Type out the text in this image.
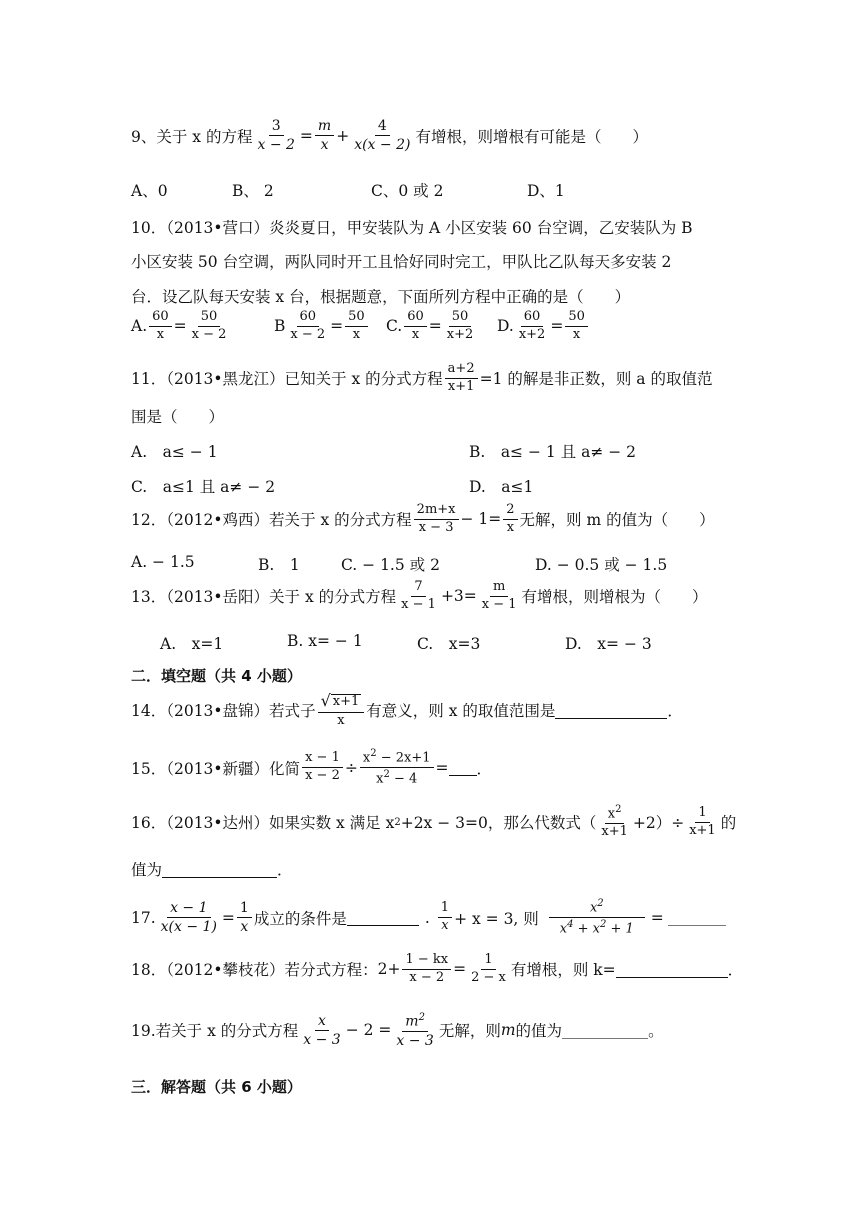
9、关于 x 的方程 $\frac{3}{x - 2} = \frac{m}{x} + \frac{4}{x(x - 2)}$ 有增根，则增根有可能是（　　）
A、0	B、 2	C、0 或 2	D、1
10．（2013•营口）炎炎夏日，甲安装队为 A 小区安装 60 台空调，乙安装队为 B
小区安装 50 台空调，两队同时开工且恰好同时完工，甲队比乙队每天多安装 2
台．设乙队每天安装 x 台，根据题意，下面所列方程中正确的是（　　）
A. $\frac{60}{x} = \frac{50}{x - 2}$	B $\frac{60}{x - 2} = \frac{50}{x} C$. $\frac{60}{x} = \frac{50}{x+2} D$. $\frac{60}{x+2} = \frac{50}{x}$
11．（2013•黑龙江）已知关于 x 的分式方程 $\frac{a+2}{x+1} =1$ 的解是非正数，则 a 的取值范
围是（　　）
A.　a≤ − 1	B.　a≤ − 1 且 a≠ − 2
C.　a≤1 且 a≠ − 2	D.　a≤1
12．（2012•鸡西）若关于 x 的分式方程 $\frac{2m+x}{x - 3} - 1= \frac{2}{x}$ 无解，则 m 的值为（　　）
A. − 1.5	B.　1	C. − 1.5 或 2	D. − 0.5 或 − 1.5
13．（2013•岳阳）关于 x 的分式方程 $\frac{7}{x - 1} +3= \frac{m}{x - 1}$ 有增根，则增根为（　　）
A.　x=1	B. x= − 1	C.　x=3	D.　x= − 3
二．填空题（共 4 小题）
14．（2013•盘锦）若式子 $\frac{√ x+1}{x}$ 有意义，则 x 的取值范围是	．
15．（2013•新疆）化简 $\frac{x - 1}{x - 2} \div \frac{x^2 - 2x+1}{x^2 - 4}$ = ．
16．（2013•达州）如果实数 x 满足 x 2 +2x − 3=0，那么代数式（ $\frac{x^2}{x+1} +2)\div \frac{1}{x+1}$ 的
值为	．
17. $\frac{x - 1}{x(x - 1)} = \frac{1}{x}$ 成立的条件是	. $\frac{1}{x} + x = 3$, 则 $\frac{x^2}{x^4 + x^2 + 1}$ =
18．（2012•攀枝花）若分式方程： $2+ \frac{1 - kx}{x - 2} = \frac{1}{2 - x}$ 有增根，则 k=	．
19.若关于 x 的分式方程 $\frac{x}{x - 3} - 2 = \frac{m^2}{x - 3}$ 无解，则 m 的值为	。
三．解答题（共 6 小题）
